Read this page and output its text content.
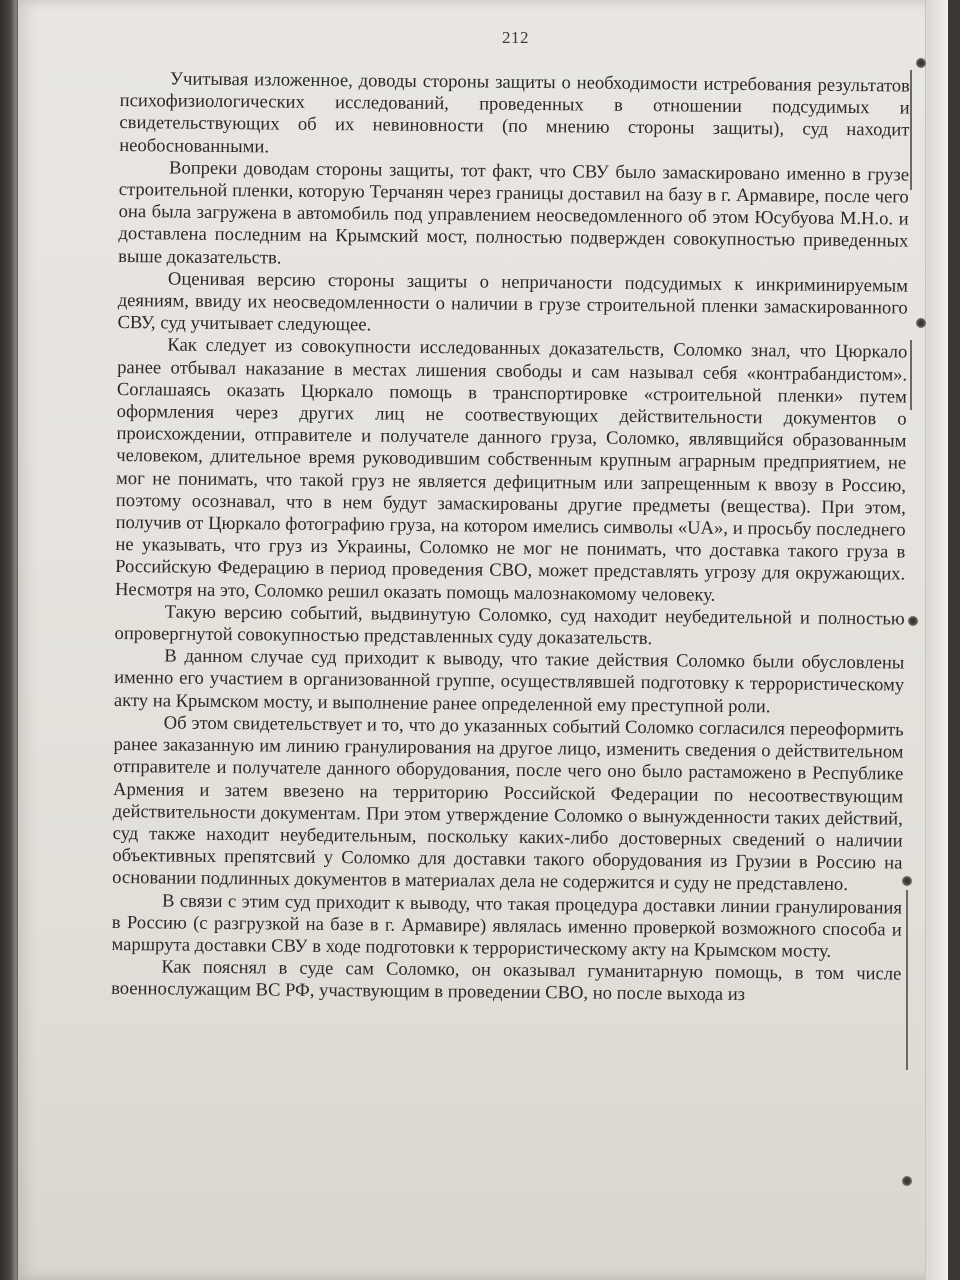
212

Учитывая изложенное, доводы стороны защиты о необходимости истребования результатов психофизиологических исследований, проведенных в отношении подсудимых и свидетельствующих об их невиновности (по мнению стороны защиты), суд находит необоснованными.

Вопреки доводам стороны защиты, тот факт, что СВУ было замаскировано именно в грузе строительной пленки, которую Терчанян через границы доставил на базу в г. Армавире, после чего она была загружена в автомобиль под управлением неосведомленного об этом Юсубуова М.Н.о. и доставлена последним на Крымский мост, полностью подвержден совокупностью приведенных выше доказательств.

Оценивая версию стороны защиты о непричаности подсудимых к инкриминируемым деяниям, ввиду их неосведомленности о наличии в грузе строительной пленки замаскированного СВУ, суд учитывает следующее.

Как следует из совокупности исследованных доказательств, Соломко знал, что Цюркало ранее отбывал наказание в местах лишения свободы и сам называл себя «контрабандистом». Соглашаясь оказать Цюркало помощь в транспортировке «строительной пленки» путем оформления через других лиц не соотвествующих действительности документов о происхождении, отправителе и получателе данного груза, Соломко, являвщийся образованным человеком, длительное время руководившим собственным крупным аграрным предприятием, не мог не понимать, что такой груз не является дефицитным или запрещенным к ввозу в Россию, поэтому осознавал, что в нем будут замаскированы другие предметы (вещества). При этом, получив от Цюркало фотографию груза, на котором имелись символы «UA», и просьбу последнего не указывать, что груз из Украины, Соломко не мог не понимать, что доставка такого груза в Российскую Федерацию в период проведения СВО, может представлять угрозу для окружающих. Несмотря на это, Соломко решил оказать помощь малознакомому человеку.

Такую версию событий, выдвинутую Соломко, суд находит неубедительной и полностью опровергнутой совокупностью представленных суду доказательств.

В данном случае суд приходит к выводу, что такие действия Соломко были обусловлены именно его участием в организованной группе, осуществлявшей подготовку к террористическому акту на Крымском мосту, и выполнение ранее определенной ему преступной роли.

Об этом свидетельствует и то, что до указанных событий Соломко согласился переоформить ранее заказанную им линию гранулирования на другое лицо, изменить сведения о действительном отправителе и получателе данного оборудования, после чего оно было растаможено в Республике Армения и затем ввезено на территорию Российской Федерации по несоотвествующим действительности документам. При этом утверждение Соломко о вынужденности таких действий, суд также находит неубедительным, поскольку каких-либо достоверных сведений о наличии объективных препятсвий у Соломко для доставки такого оборудования из Грузии в Россию на основании подлинных документов в материалах дела не содержится и суду не представлено.

В связи с этим суд приходит к выводу, что такая процедура доставки линии гранулирования в Россию (с разгрузкой на базе в г. Армавире) являлась именно проверкой возможного способа и маршрута доставки СВУ в ходе подготовки к террористическому акту на Крымском мосту.

Как пояснял в суде сам Соломко, он оказывал гуманитарную помощь, в том числе военнослужащим ВС РФ, участвующим в проведении СВО, но после выхода из
